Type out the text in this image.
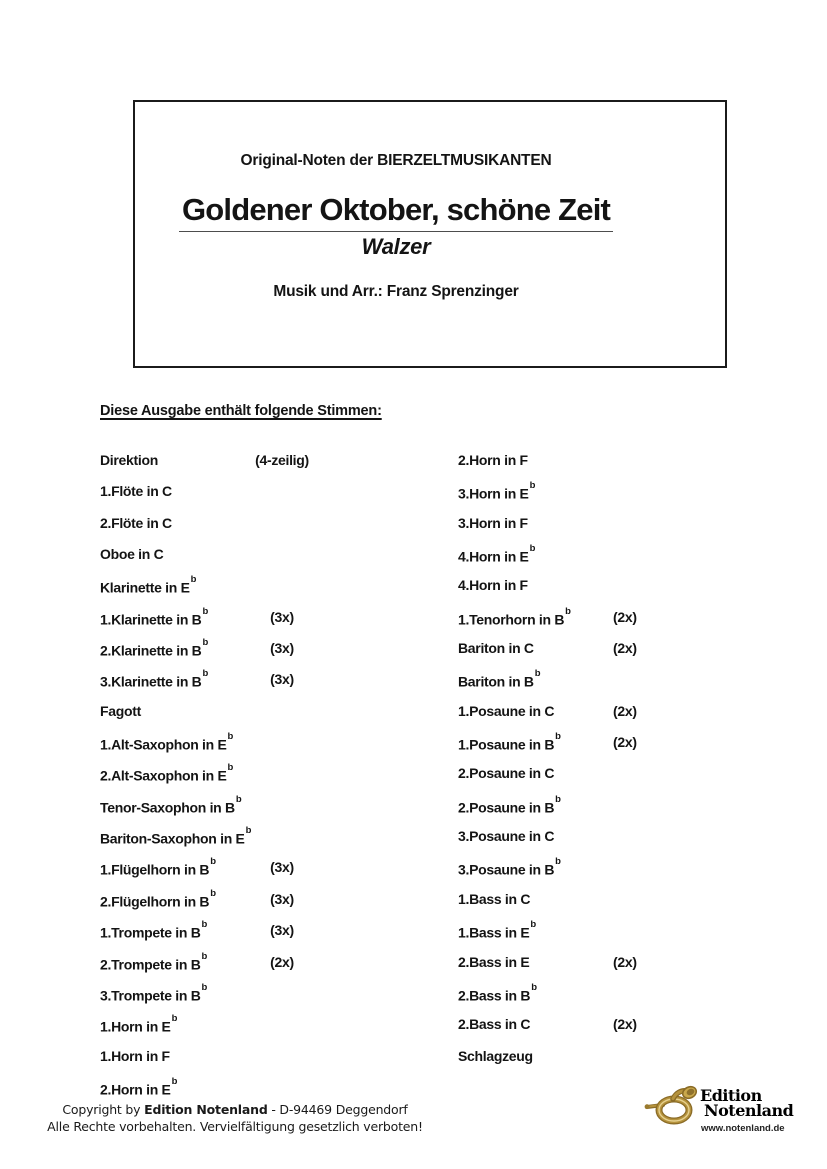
Original-Noten der BIERZELTMUSIKANTEN
Goldener Oktober, schöne Zeit
Walzer
Musik und Arr.: Franz Sprenzinger
Diese Ausgabe enthält folgende Stimmen:
Direktion	(4-zeilig)
1.Flöte in C
2.Flöte in C
Oboe in C
Klarinette in $E^b$
1.Klarinette in $B^b$	(3x)
2.Klarinette in $B^b$	(3x)
3.Klarinette in $B^b$	(3x)
Fagott
1.Alt-Saxophon in $E^b$
2.Alt-Saxophon in $E^b$
Tenor-Saxophon in $B^b$
Bariton-Saxophon in $E^b$
1.Flügelhorn in $B^b$	(3x)
2.Flügelhorn in $B^b$	(3x)
1.Trompete in $B^b$	(3x)
2.Trompete in $B^b$	(2x)
3.Trompete in $B^b$
1.Horn in $E^b$
1.Horn in F
2.Horn in $E^b$
2.Horn in F
3.Horn in $E^b$
3.Horn in F
4.Horn in $E^b$
4.Horn in F
1.Tenorhorn in $B^b$	(2x)
Bariton in C	(2x)
Bariton in $B^b$
1.Posaune in C	(2x)
1.Posaune in $B^b$	(2x)
2.Posaune in C
2.Posaune in $B^b$
3.Posaune in C
3.Posaune in $B^b$
1.Bass in C
1.Bass in $E^b$
2.Bass in E	(2x)
2.Bass in $B^b$
2.Bass in C	(2x)
Schlagzeug
Copyright by Edition Notenland - D-94469 Deggendorf
Alle Rechte vorbehalten. Vervielfältigung gesetzlich verboten!
Edition
Notenland
www.notenland.de
